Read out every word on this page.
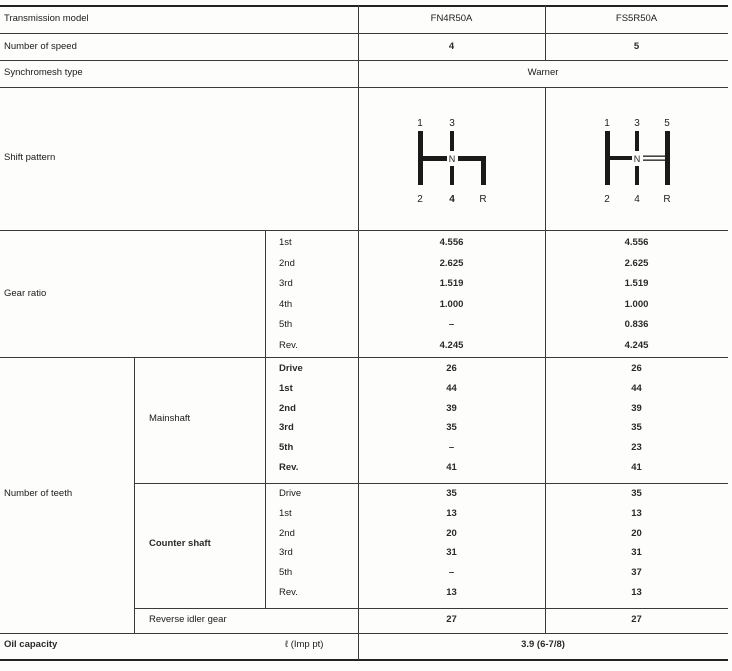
Transmission model	FN4R50A	FS5R50A
Number of speed	4	5
Synchromesh type	Warner
Shift pattern
1	3
N
2	4 R
1 3 5
N
2 4 R
Gear ratio
1st	4.556	4.556
2nd	2.625	2.625
3rd	1.519	1.519
4th	1.000	1.000
5th	–	0.836
Rev.	4.245	4.245
Number of teeth
Mainshaft
Drive	26	26
1st	44	44
2nd	39	39
3rd	35	35
5th	–	23
Rev.	41	41
Counter shaft
Drive	35	35
1st	13	13
2nd	20	20
3rd	31	31
5th	–	37
Rev.	13	13
Reverse idler gear	27	27
Oil capacity	ℓ (Imp pt)	3.9 (6-7/8)
